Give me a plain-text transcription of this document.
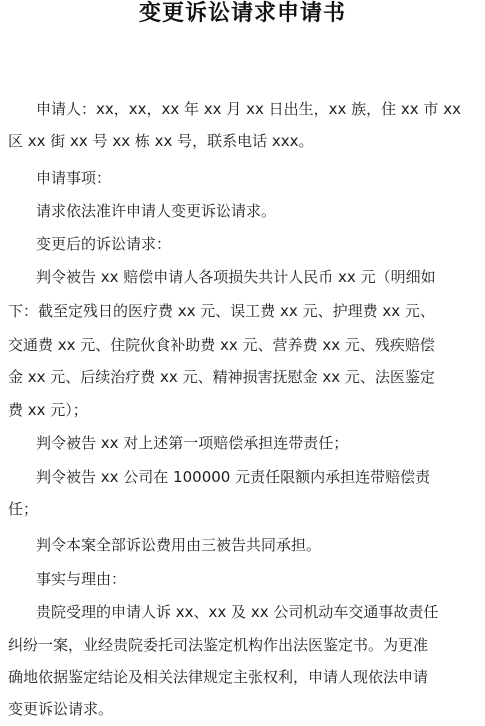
变更诉讼请求申请书
申请人：xx，xx，xx 年 xx 月 xx 日出生，xx 族，住 xx 市 xx
区 xx 街 xx 号 xx 栋 xx 号，联系电话 xxx。
申请事项：
请求依法准许申请人变更诉讼请求。
变更后的诉讼请求：
判令被告 xx 赔偿申请人各项损失共计人民币 xx 元（明细如
下：截至定残日的医疗费 xx 元、误工费 xx 元、护理费 xx 元、
交通费 xx 元、住院伙食补助费 xx 元、营养费 xx 元、残疾赔偿
金 xx 元、后续治疗费 xx 元、精神损害抚慰金 xx 元、法医鉴定
费 xx 元）；
判令被告 xx 对上述第一项赔偿承担连带责任；
判令被告 xx 公司在 100000 元责任限额内承担连带赔偿责
任；
判令本案全部诉讼费用由三被告共同承担。
事实与理由：
贵院受理的申请人诉 xx、xx 及 xx 公司机动车交通事故责任
纠纷一案，业经贵院委托司法鉴定机构作出法医鉴定书。为更准
确地依据鉴定结论及相关法律规定主张权利，申请人现依法申请
变更诉讼请求。
